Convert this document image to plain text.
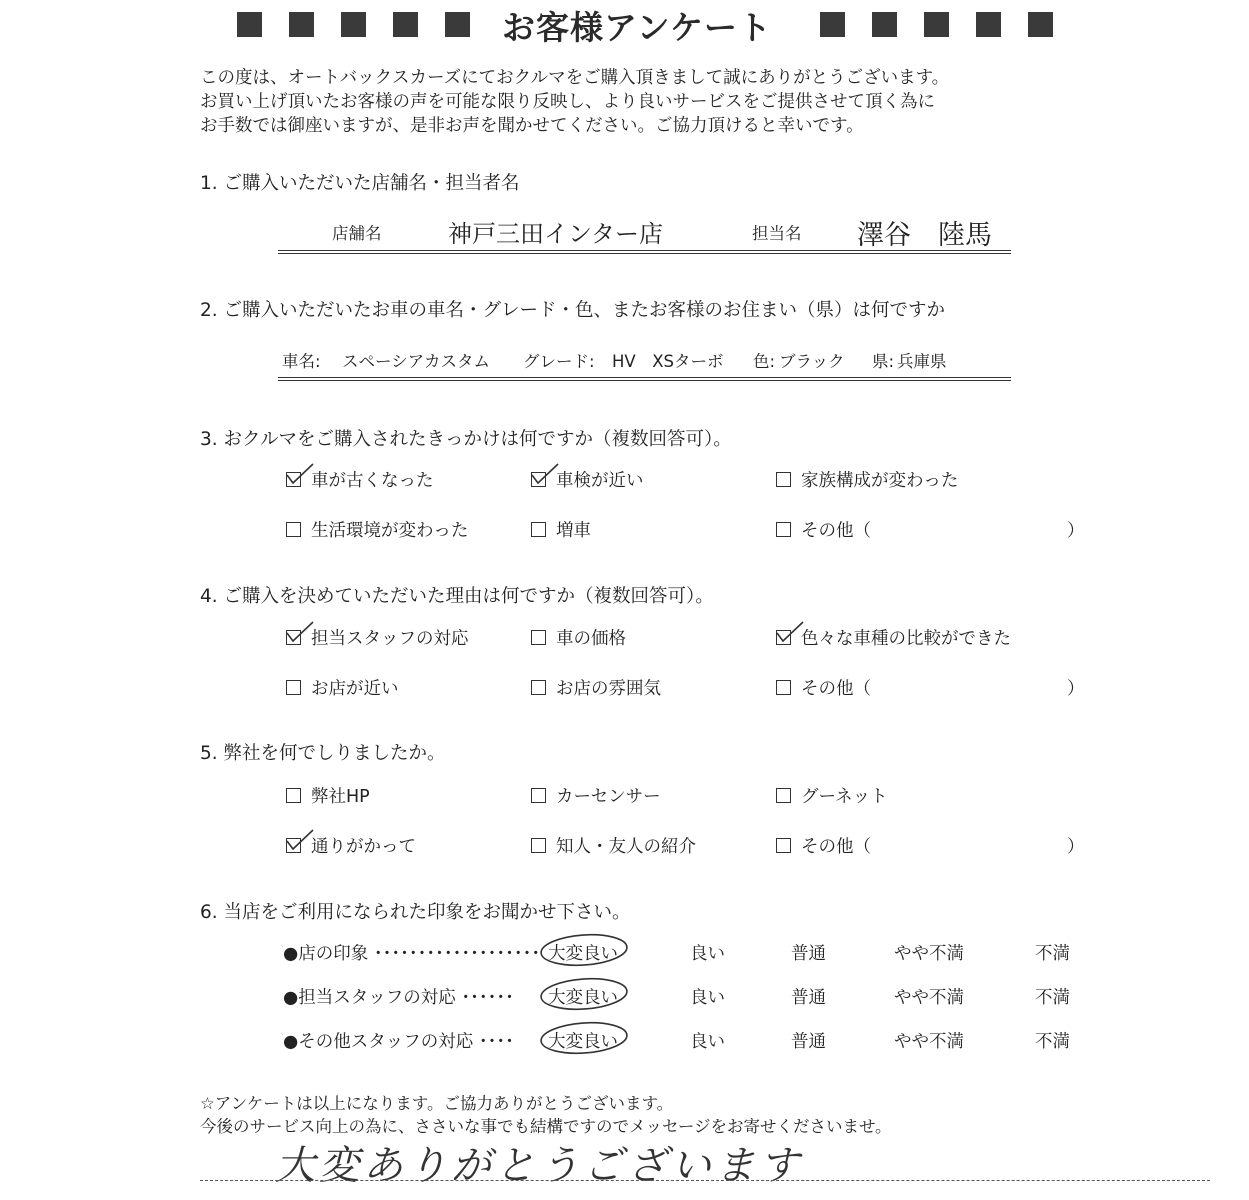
お客様アンケート
この度は、オートバックスカーズにておクルマをご購入頂きまして誠にありがとうございます。
お買い上げ頂いたお客様の声を可能な限り反映し、より良いサービスをご提供させて頂く為に
お手数では御座いますが、是非お声を聞かせてください。ご協力頂けると幸いです。
1. ご購入いただいた店舗名・担当者名
店舗名	神戸三田インター店	担当名 澤谷　陸馬
2. ご購入いただいたお車の車名・グレード・色、またお客様のお住まい（県）は何ですか
車名: スペーシアカスタム グレード: HV　XSターボ 色: ブラック 県: 兵庫県
3. おクルマをご購入されたきっかけは何ですか（複数回答可）。
車が古くなった	車検が近い	家族構成が変わった
生活環境が変わった	増車	その他（	）
4. ご購入を決めていただいた理由は何ですか（複数回答可）。
担当スタッフの対応	車の価格	色々な車種の比較ができた
お店が近い	お店の雰囲気	その他（	）
5. 弊社を何でしりましたか。
弊社HP	カーセンサー	グーネット
通りがかって	知人・友人の紹介	その他（	）
6. 当店をご利用になられた印象をお聞かせ下さい。
●店の印象 ･･･････････････････ 大変良い	良い	普通	やや不満	不満
●担当スタッフの対応 ･･････ 大変良い	良い	普通	やや不満	不満
●その他スタッフの対応 ････ 大変良い	良い	普通	やや不満	不満
☆アンケートは以上になります。ご協力ありがとうございます。
今後のサービス向上の為に、ささいな事でも結構ですのでメッセージをお寄せくださいませ。
大変ありがとうございます
